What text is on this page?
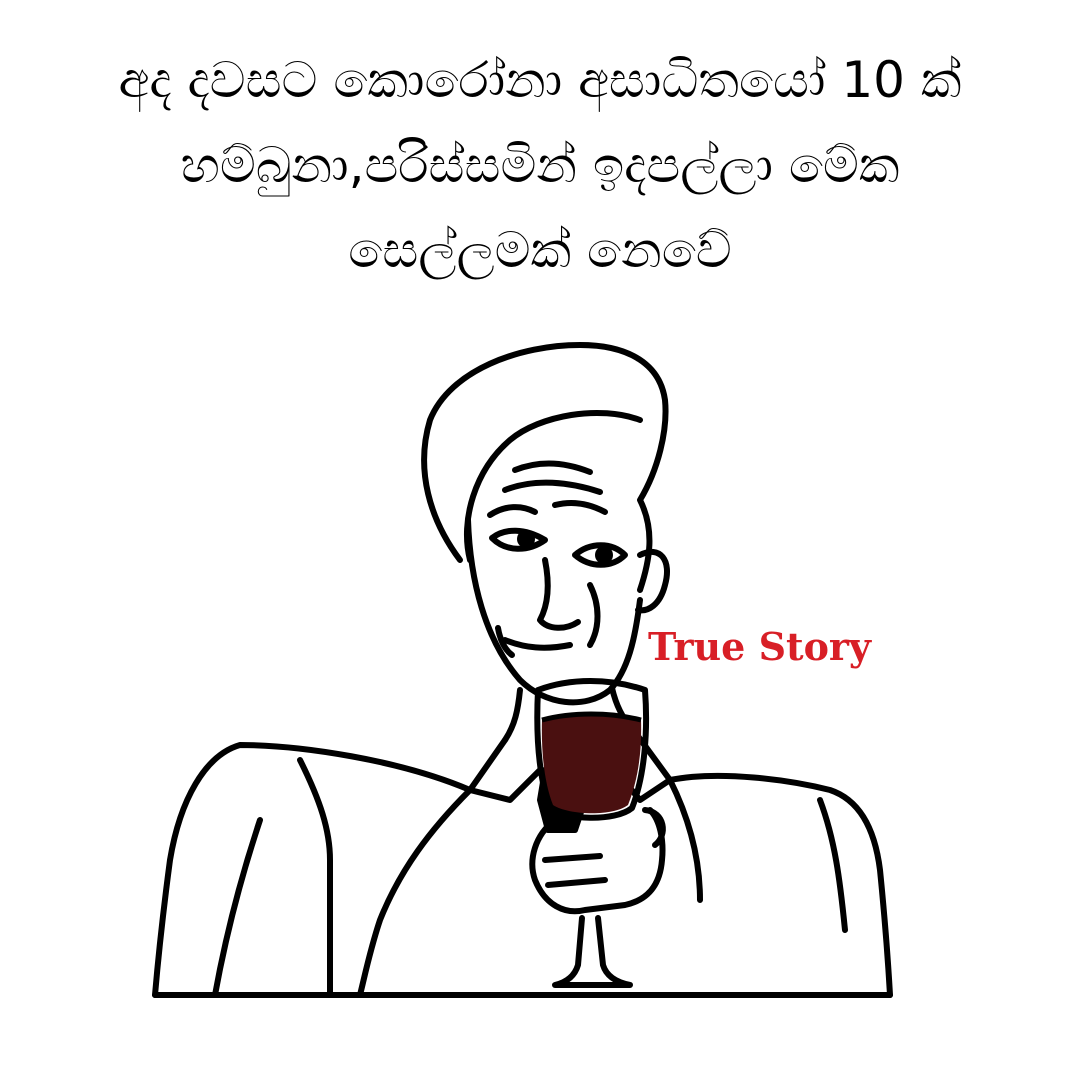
අද දවසට කොරෝනා අසාධිතයෝ 10 ක්
හම්බුනා,පරිස්සමින් ඉදපල්ලා මේක
සෙල්ලමක් නෙවේ
True Story
